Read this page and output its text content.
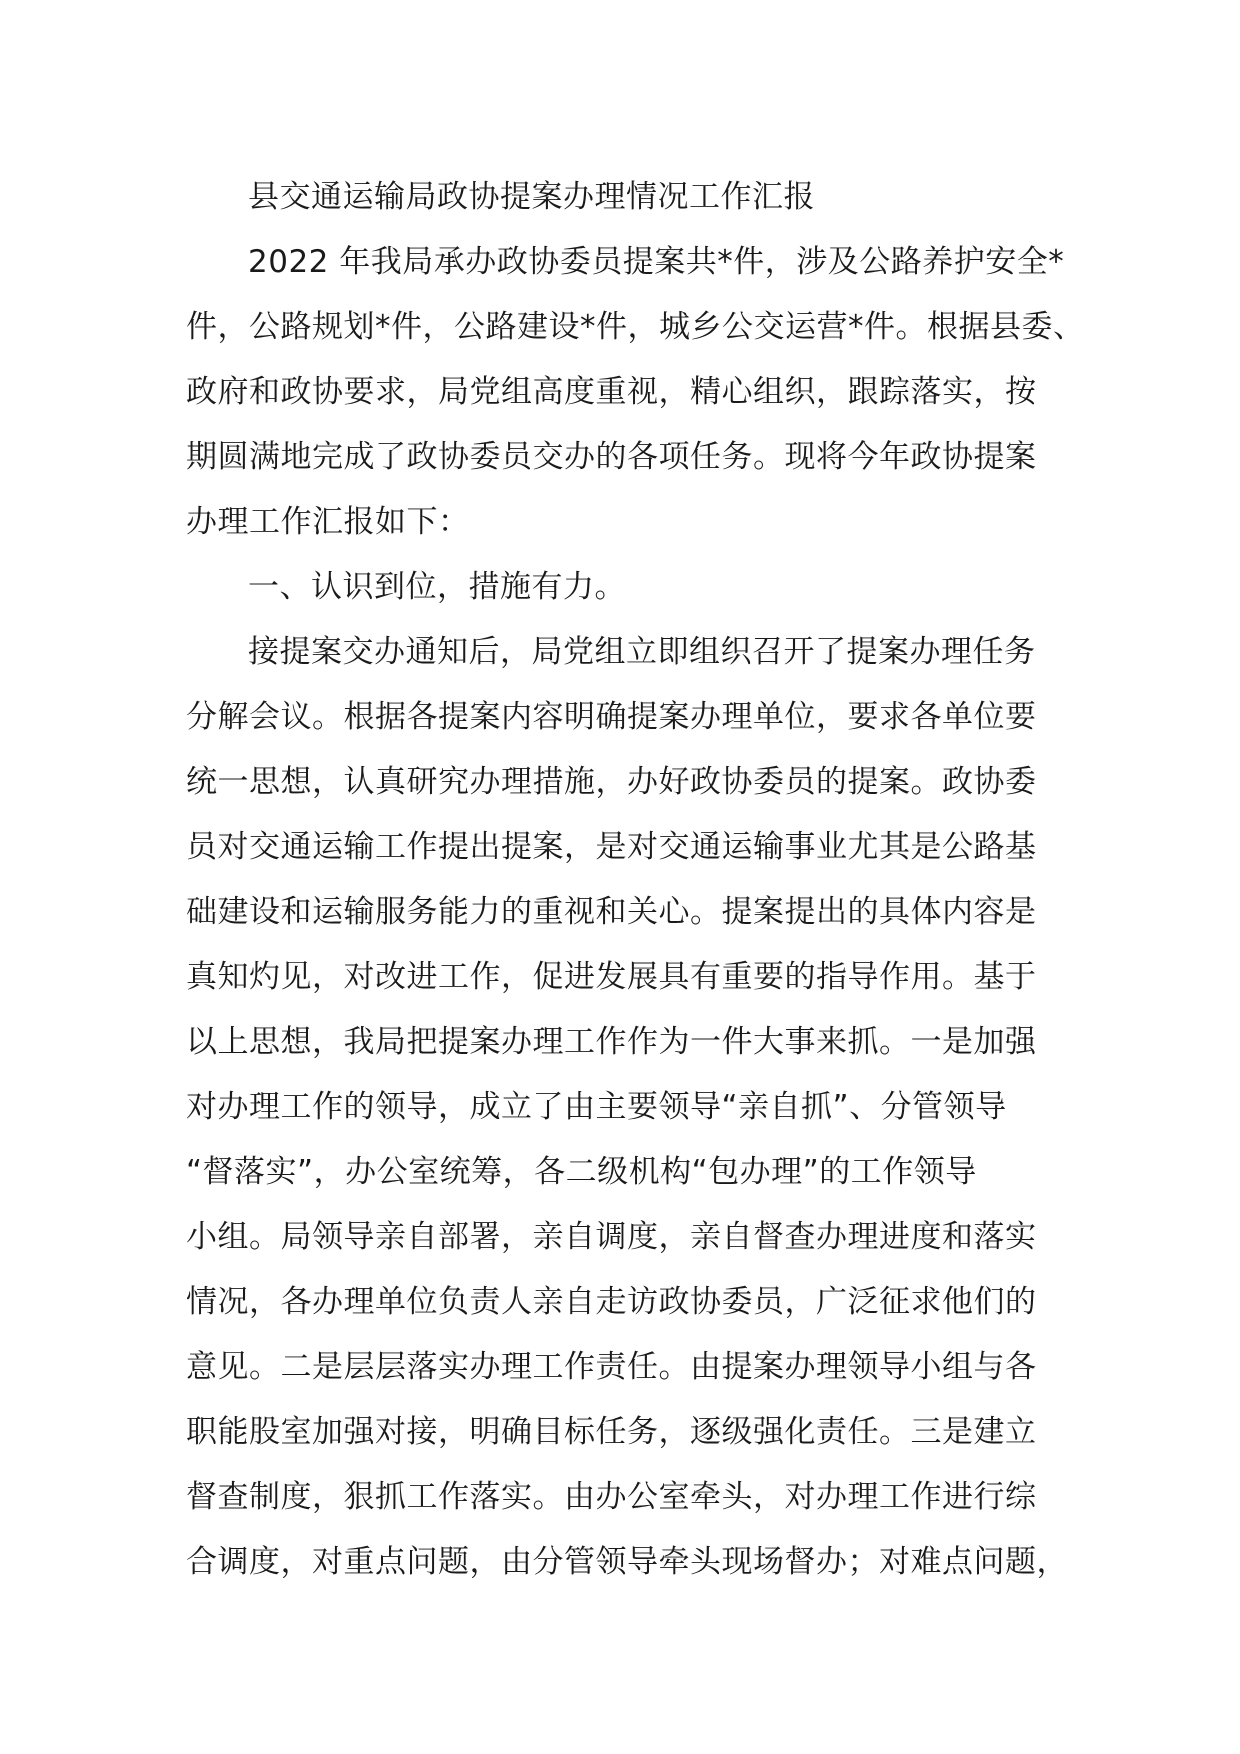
县交通运输局政协提案办理情况工作汇报
2022 年我局承办政协委员提案共*件，涉及公路养护安全*
件，公路规划*件，公路建设*件，城乡公交运营*件。根据县委、
政府和政协要求，局党组高度重视，精心组织，跟踪落实，按
期圆满地完成了政协委员交办的各项任务。现将今年政协提案
办理工作汇报如下：
一、认识到位，措施有力。
接提案交办通知后，局党组立即组织召开了提案办理任务
分解会议。根据各提案内容明确提案办理单位，要求各单位要
统一思想，认真研究办理措施，办好政协委员的提案。政协委
员对交通运输工作提出提案，是对交通运输事业尤其是公路基
础建设和运输服务能力的重视和关心。提案提出的具体内容是
真知灼见，对改进工作，促进发展具有重要的指导作用。基于
以上思想，我局把提案办理工作作为一件大事来抓。一是加强
对办理工作的领导，成立了由主要领导“亲自抓”、分管领导
“督落实”，办公室统筹，各二级机构“包办理”的工作领导
小组。局领导亲自部署，亲自调度，亲自督查办理进度和落实
情况，各办理单位负责人亲自走访政协委员，广泛征求他们的
意见。二是层层落实办理工作责任。由提案办理领导小组与各
职能股室加强对接，明确目标任务，逐级强化责任。三是建立
督查制度，狠抓工作落实。由办公室牵头，对办理工作进行综
合调度，对重点问题，由分管领导牵头现场督办；对难点问题，
